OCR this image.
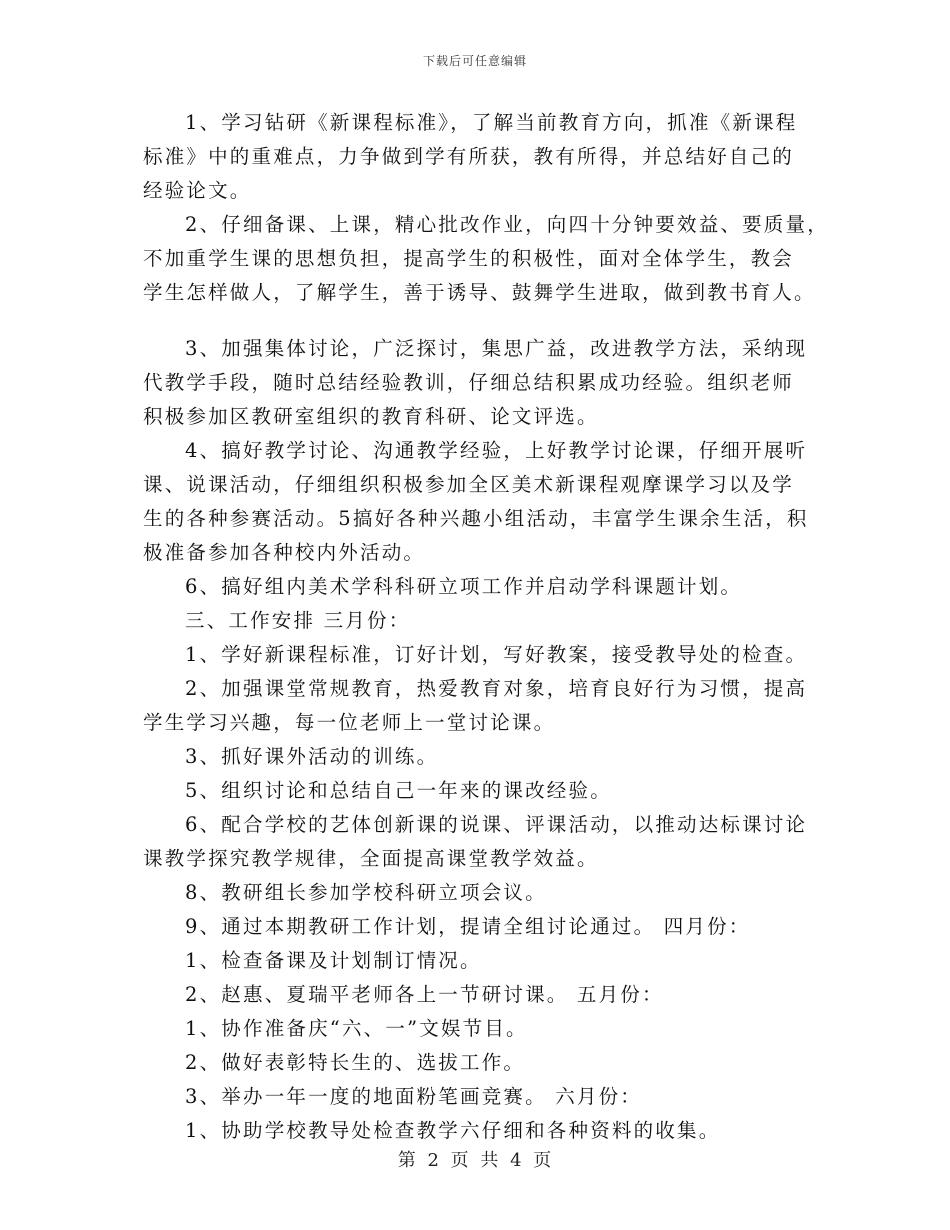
下载后可任意编辑
1、学习钻研《新课程标准》，了解当前教育方向，抓准《新课程
标准》中的重难点，力争做到学有所获，教有所得，并总结好自己的
经验论文。
2、仔细备课、上课，精心批改作业，向四十分钟要效益、要质量，
不加重学生课的思想负担，提高学生的积极性，面对全体学生，教会
学生怎样做人，了解学生，善于诱导、鼓舞学生进取，做到教书育人。
3、加强集体讨论，广泛探讨，集思广益，改进教学方法，采纳现
代教学手段，随时总结经验教训，仔细总结积累成功经验。组织老师
积极参加区教研室组织的教育科研、论文评选。
4、搞好教学讨论、沟通教学经验，上好教学讨论课，仔细开展听
课、说课活动，仔细组织积极参加全区美术新课程观摩课学习以及学
生的各种参赛活动。5搞好各种兴趣小组活动，丰富学生课余生活，积
极准备参加各种校内外活动。
6、搞好组内美术学科科研立项工作并启动学科课题计划。
三、工作安排 三月份：
1、学好新课程标准，订好计划，写好教案，接受教导处的检查。
2、加强课堂常规教育，热爱教育对象，培育良好行为习惯，提高
学生学习兴趣，每一位老师上一堂讨论课。
3、抓好课外活动的训练。
5、组织讨论和总结自己一年来的课改经验。
6、配合学校的艺体创新课的说课、评课活动，以推动达标课讨论
课教学探究教学规律，全面提高课堂教学效益。
8、教研组长参加学校科研立项会议。
9、通过本期教研工作计划，提请全组讨论通过。 四月份：
1、检查备课及计划制订情况。
2、赵惠、夏瑞平老师各上一节研讨课。 五月份：
1、协作准备庆“六、一”文娱节目。
2、做好表彰特长生的、选拔工作。
3、举办一年一度的地面粉笔画竞赛。 六月份：
1、协助学校教导处检查教学六仔细和各种资料的收集。
第 2 页 共 4 页
